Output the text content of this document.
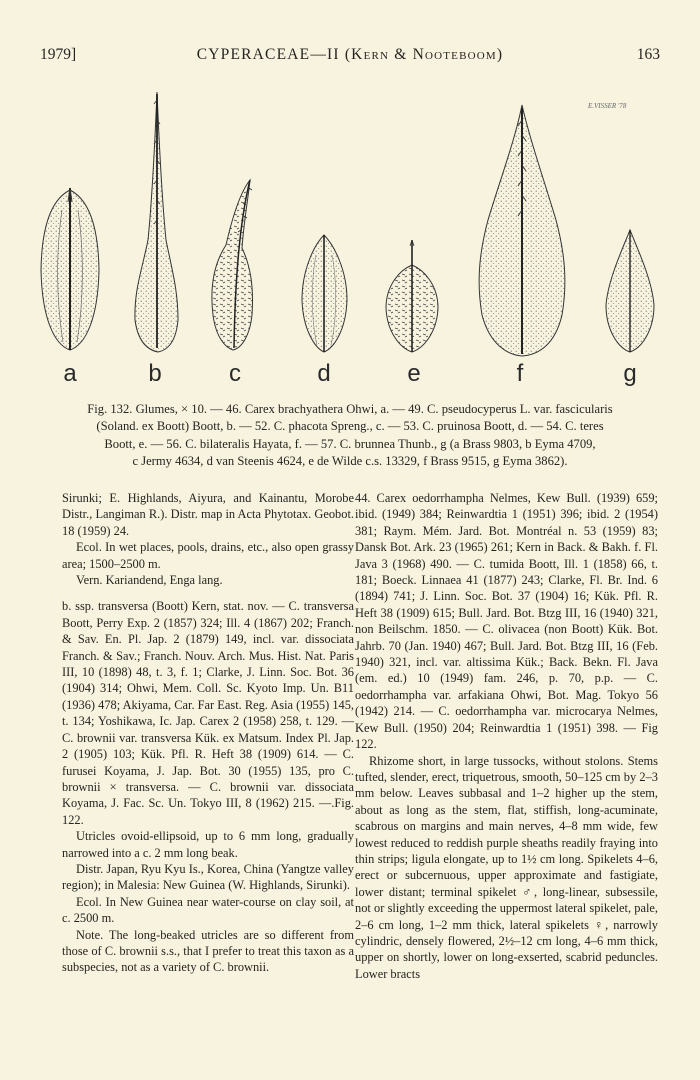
1979]	CYPERACEAE—II (Kern & Nooteboom)	163
E.VISSER '78
a	b	c	d	e	f	g
Fig. 132. Glumes, × 10. — 46. Carex brachyathera Ohwi, a. — 49. C. pseudocyperus L. var. fascicularis
(Soland. ex Boott) Boott, b. — 52. C. phacota Spreng., c. — 53. C. pruinosa Boott, d. — 54. C. teres
Boott, e. — 56. C. bilateralis Hayata, f. — 57. C. brunnea Thunb., g (a Brass 9803, b Eyma 4709,
c Jermy 4634, d van Steenis 4624, e de Wilde c.s. 13329, f Brass 9515, g Eyma 3862).

Sirunki; E. Highlands, Aiyura, and Kainantu, Morobe Distr., Langiman R.). Distr. map in Acta Phytotax. Geobot. 18 (1959) 24.

Ecol. In wet places, pools, drains, etc., also open grassy area; 1500–2500 m.

Vern. Kariandend, Enga lang.

b. ssp. transversa (Boott) Kern, stat. nov. — C. transversa Boott, Perry Exp. 2 (1857) 324; Ill. 4 (1867) 202; Franch. & Sav. En. Pl. Jap. 2 (1879) 149, incl. var. dissociata Franch. & Sav.; Franch. Nouv. Arch. Mus. Hist. Nat. Paris III, 10 (1898) 48, t. 3, f. 1; Clarke, J. Linn. Soc. Bot. 36 (1904) 314; Ohwi, Mem. Coll. Sc. Kyoto Imp. Un. B11 (1936) 478; Akiyama, Car. Far East. Reg. Asia (1955) 145, t. 134; Yoshikawa, Ic. Jap. Carex 2 (1958) 258, t. 129. — C. brownii var. transversa Kük. ex Matsum. Index Pl. Jap. 2 (1905) 103; Kük. Pfl. R. Heft 38 (1909) 614. — C. furusei Koyama, J. Jap. Bot. 30 (1955) 135, pro C. brownii × transversa. — C. brownii var. dissociata Koyama, J. Fac. Sc. Un. Tokyo III, 8 (1962) 215. —.Fig. 122.

Utricles ovoid-ellipsoid, up to 6 mm long, gradually narrowed into a c. 2 mm long beak.

Distr. Japan, Ryu Kyu Is., Korea, China (Yangtze valley region); in Malesia: New Guinea (W. Highlands, Sirunki).

Ecol. In New Guinea near water-course on clay soil, at c. 2500 m.

Note. The long-beaked utricles are so different from those of C. brownii s.s., that I prefer to treat this taxon as a subspecies, not as a variety of C. brownii.

44. Carex oedorrhampha Nelmes, Kew Bull. (1939) 659; ibid. (1949) 384; Reinwardtia 1 (1951) 396; ibid. 2 (1954) 381; Raym. Mém. Jard. Bot. Montréal n. 53 (1959) 83; Dansk Bot. Ark. 23 (1965) 261; Kern in Back. & Bakh. f. Fl. Java 3 (1968) 490. — C. tumida Boott, Ill. 1 (1858) 66, t. 181; Boeck. Linnaea 41 (1877) 243; Clarke, Fl. Br. Ind. 6 (1894) 741; J. Linn. Soc. Bot. 37 (1904) 16; Kük. Pfl. R. Heft 38 (1909) 615; Bull. Jard. Bot. Btzg III, 16 (1940) 321, non Beilschm. 1850. — C. olivacea (non Boott) Kük. Bot. Jahrb. 70 (Jan. 1940) 467; Bull. Jard. Bot. Btzg III, 16 (Feb. 1940) 321, incl. var. altissima Kük.; Back. Bekn. Fl. Java (em. ed.) 10 (1949) fam. 246, p. 70, p.p. — C. oedorrhampha var. arfakiana Ohwi, Bot. Mag. Tokyo 56 (1942) 214. — C. oedorrhampha var. microcarya Nelmes, Kew Bull. (1950) 204; Reinwardtia 1 (1951) 398. — Fig 122.

Rhizome short, in large tussocks, without stolons. Stems tufted, slender, erect, triquetrous, smooth, 50–125 cm by 2–3 mm below. Leaves subbasal and 1–2 higher up the stem, about as long as the stem, flat, stiffish, long-acuminate, scabrous on margins and main nerves, 4–8 mm wide, few lowest reduced to reddish purple sheaths readily fraying into thin strips; ligula elongate, up to 1½ cm long. Spikelets 4–6, erect or subcernuous, upper approximate and fastigiate, lower distant; terminal spikelet ♂, long-linear, subsessile, not or slightly exceeding the uppermost lateral spikelet, pale, 2–6 cm long, 1–2 mm thick, lateral spikelets ♀, narrowly cylindric, densely flowered, 2½–12 cm long, 4–6 mm thick, upper on shortly, lower on long-exserted, scabrid peduncles. Lower bracts
